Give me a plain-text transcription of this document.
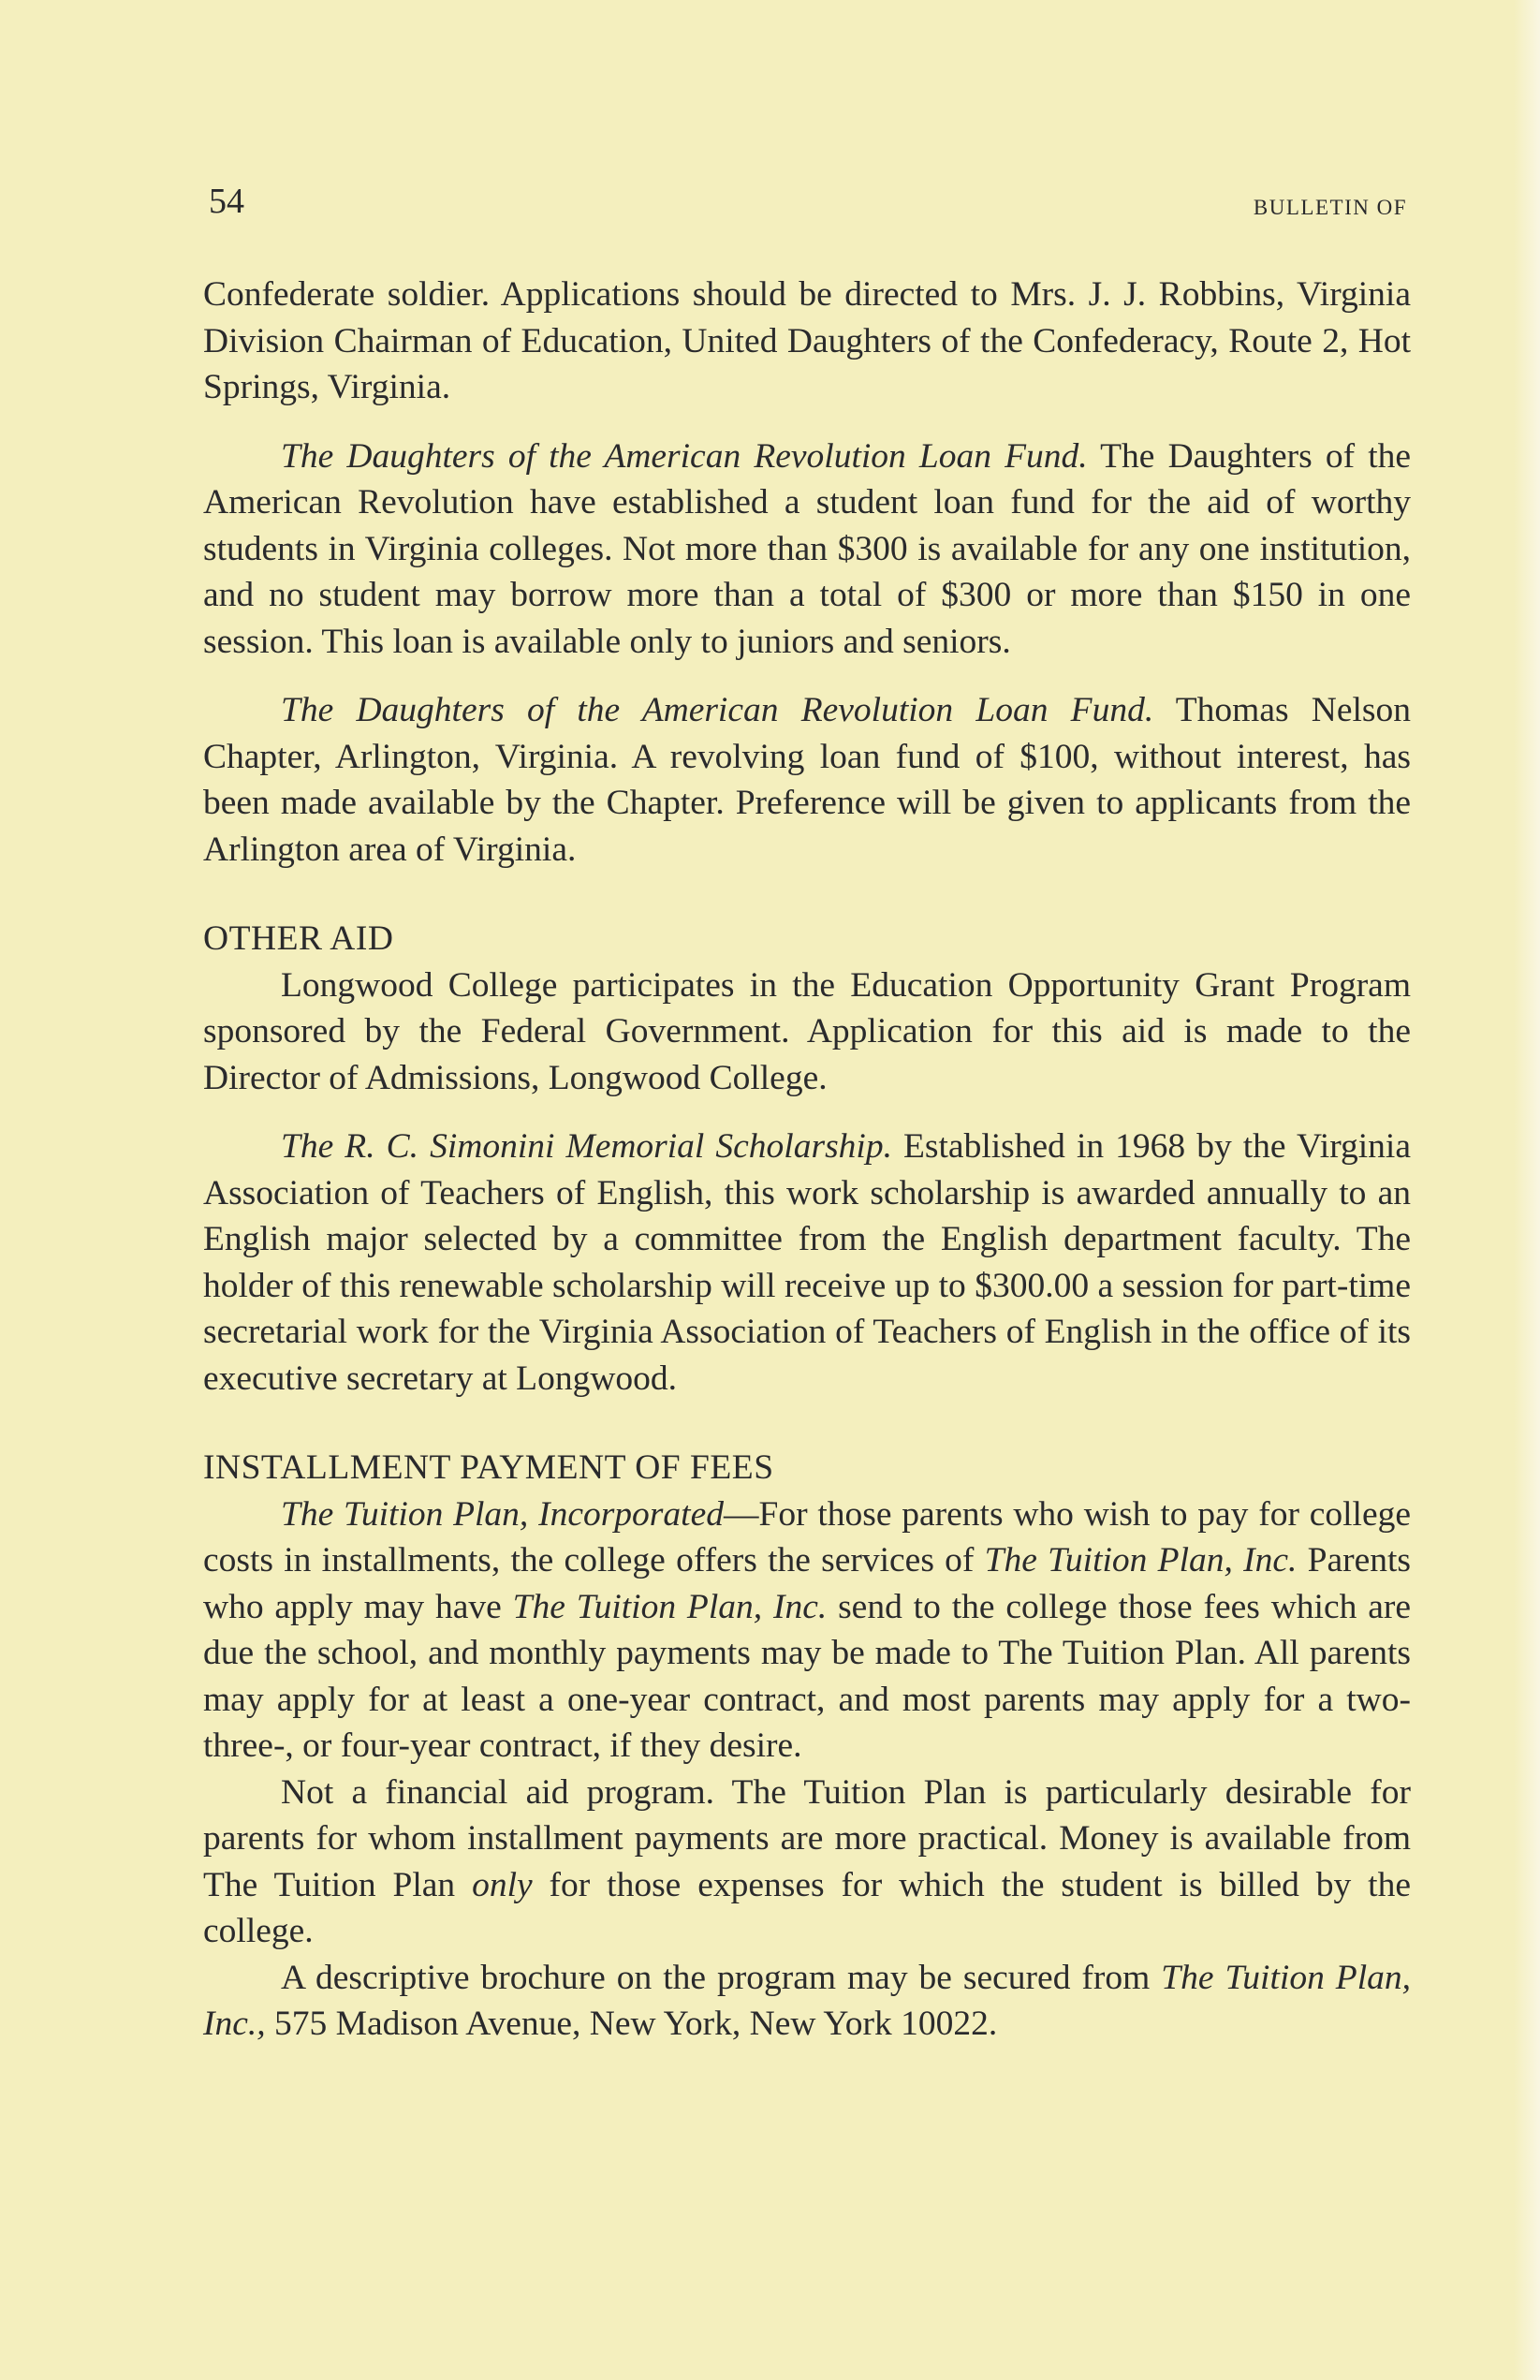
54	BULLETIN OF

Confederate soldier. Applications should be directed to Mrs. J. J. Robbins, Virginia Division Chairman of Education, United Daughters of the Confederacy, Route 2, Hot Springs, Virginia.

The Daughters of the American Revolution Loan Fund. The Daughters of the American Revolution have established a student loan fund for the aid of worthy students in Virginia colleges. Not more than $300 is available for any one institution, and no student may borrow more than a total of $300 or more than $150 in one session. This loan is available only to juniors and seniors.

The Daughters of the American Revolution Loan Fund. Thomas Nelson Chapter, Arlington, Virginia. A revolving loan fund of $100, without interest, has been made available by the Chapter. Preference will be given to applicants from the Arlington area of Virginia.

OTHER AID

Longwood College participates in the Education Opportunity Grant Program sponsored by the Federal Government. Application for this aid is made to the Director of Admissions, Longwood College.

The R. C. Simonini Memorial Scholarship. Established in 1968 by the Virginia Association of Teachers of English, this work scholarship is awarded annually to an English major selected by a committee from the English department faculty. The holder of this renewable scholarship will receive up to $300.00 a session for part-time secretarial work for the Virginia Association of Teachers of English in the office of its executive secretary at Longwood.

INSTALLMENT PAYMENT OF FEES

The Tuition Plan, Incorporated—For those parents who wish to pay for college costs in installments, the college offers the services of The Tuition Plan, Inc. Parents who apply may have The Tuition Plan, Inc. send to the college those fees which are due the school, and monthly payments may be made to The Tuition Plan. All parents may apply for at least a one-year contract, and most parents may apply for a two-three-, or four-year contract, if they desire.

Not a financial aid program. The Tuition Plan is particularly desirable for parents for whom installment payments are more practical. Money is available from The Tuition Plan only for those expenses for which the student is billed by the college.

A descriptive brochure on the program may be secured from The Tuition Plan, Inc., 575 Madison Avenue, New York, New York 10022.
